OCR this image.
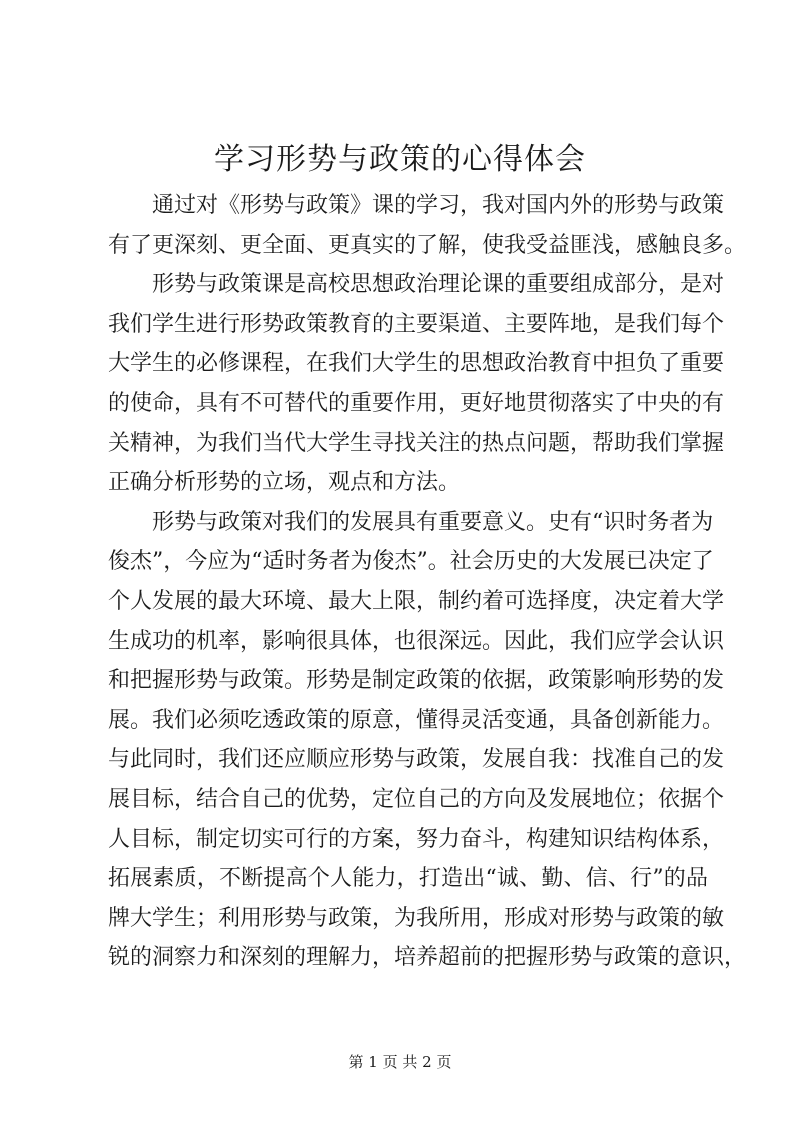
学习形势与政策的心得体会
通过对《形势与政策》课的学习，我对国内外的形势与政策
有了更深刻、更全面、更真实的了解，使我受益匪浅，感触良多。
形势与政策课是高校思想政治理论课的重要组成部分，是对
我们学生进行形势政策教育的主要渠道、主要阵地，是我们每个
大学生的必修课程，在我们大学生的思想政治教育中担负了重要
的使命，具有不可替代的重要作用，更好地贯彻落实了中央的有
关精神，为我们当代大学生寻找关注的热点问题，帮助我们掌握
正确分析形势的立场，观点和方法。
形势与政策对我们的发展具有重要意义。史有“识时务者为
俊杰”，今应为“适时务者为俊杰”。社会历史的大发展已决定了
个人发展的最大环境、最大上限，制约着可选择度，决定着大学
生成功的机率，影响很具体，也很深远。因此，我们应学会认识
和把握形势与政策。形势是制定政策的依据，政策影响形势的发
展。我们必须吃透政策的原意，懂得灵活变通，具备创新能力。
与此同时，我们还应顺应形势与政策，发展自我：找准自己的发
展目标，结合自己的优势，定位自己的方向及发展地位；依据个
人目标，制定切实可行的方案，努力奋斗，构建知识结构体系，
拓展素质，不断提高个人能力，打造出“诚、勤、信、行”的品
牌大学生；利用形势与政策，为我所用，形成对形势与政策的敏
锐的洞察力和深刻的理解力，培养超前的把握形势与政策的意识，
第 1 页 共 2 页
